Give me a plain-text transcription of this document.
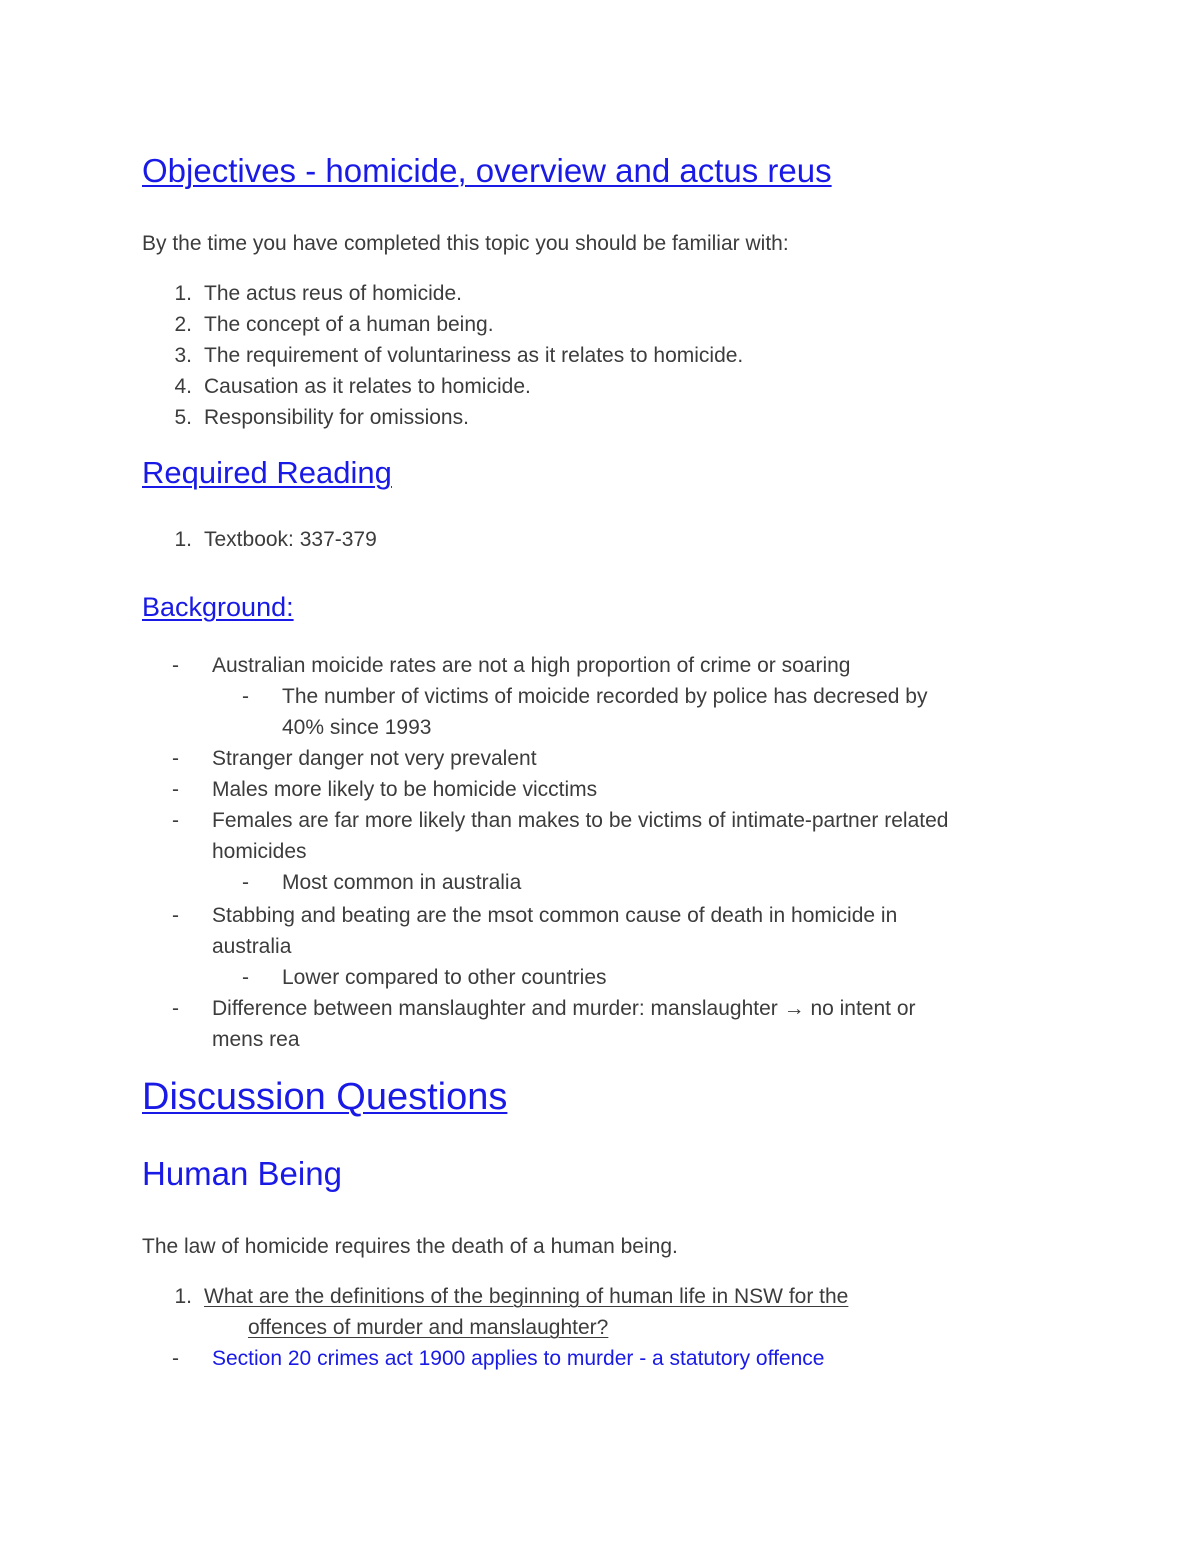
Objectives - homicide, overview and actus reus

By the time you have completed this topic you should be familiar with:

1. The actus reus of homicide.
2. The concept of a human being.
3. The requirement of voluntariness as it relates to homicide.
4. Causation as it relates to homicide.
5. Responsibility for omissions.
Required Reading
1. Textbook: 337-379
Background:
- Australian moicide rates are not a high proportion of crime or soaring
- The number of victims of moicide recorded by police has decresed by
40% since 1993
- Stranger danger not very prevalent
- Males more likely to be homicide vicctims
- Females are far more likely than makes to be victims of intimate-partner related
homicides
- Most common in australia
- Stabbing and beating are the msot common cause of death in homicide in
australia
- Lower compared to other countries
- Difference between manslaughter and murder: manslaughter → no intent or
mens rea
Discussion Questions
Human Being

The law of homicide requires the death of a human being.

1. What are the definitions of the beginning of human life in NSW for the
offences of murder and manslaughter?
- Section 20 crimes act 1900 applies to murder - a statutory offence
